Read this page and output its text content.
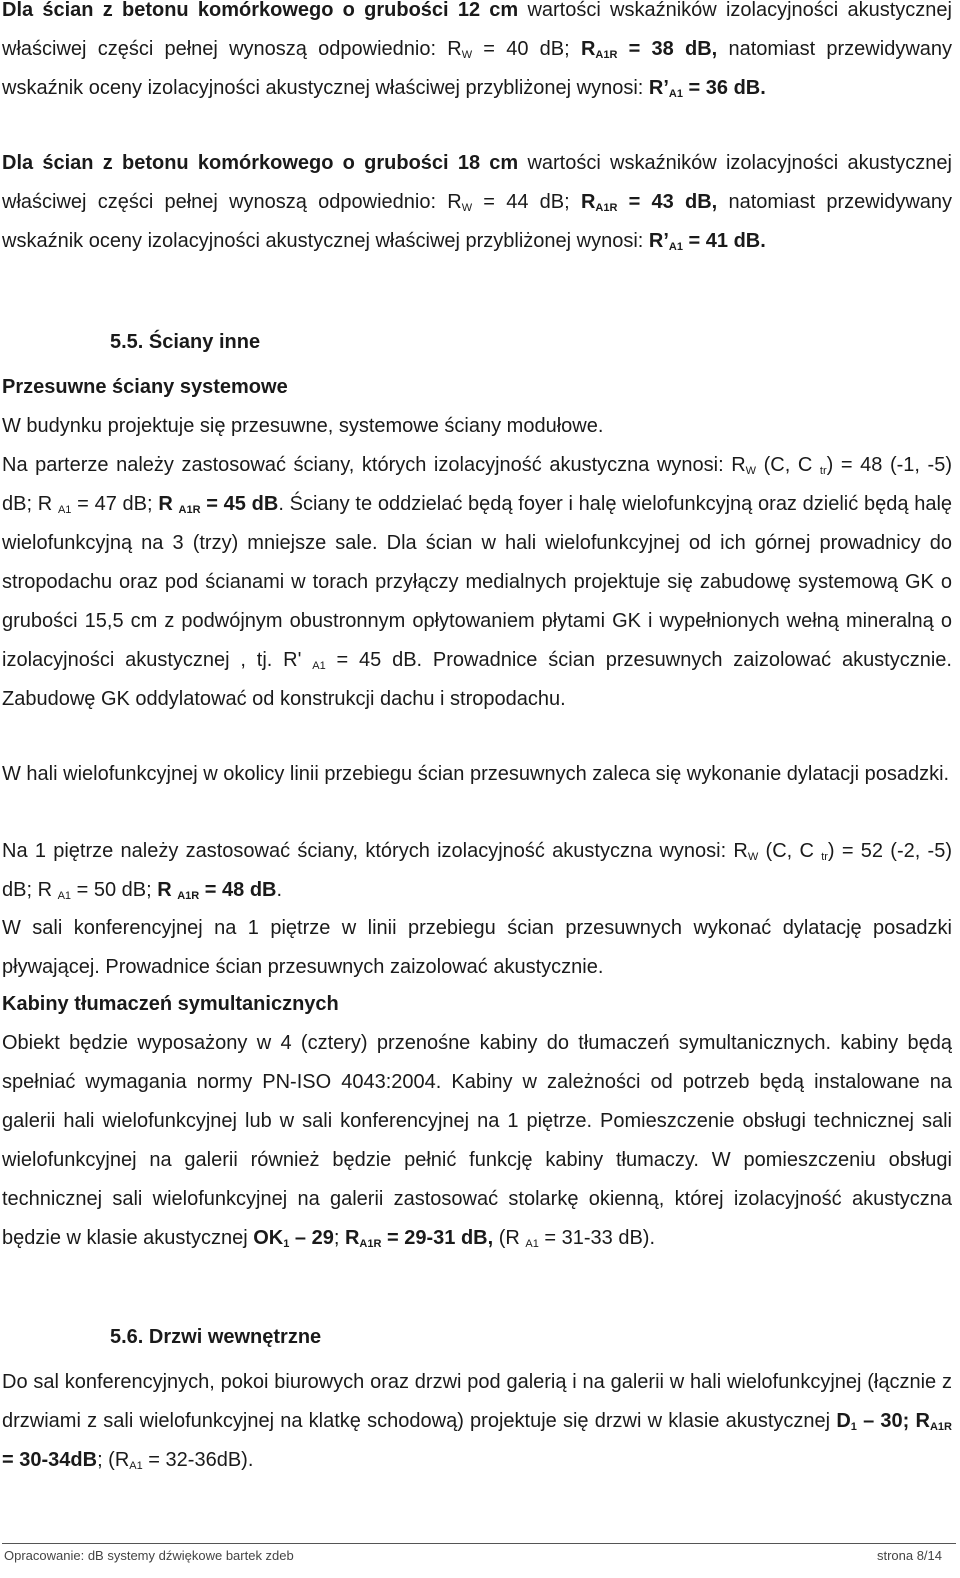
Dla ścian z betonu komórkowego o grubości 12 cm wartości wskaźników izolacyjności akustycznej właściwej części pełnej wynoszą odpowiednio: $R_W = 40$ dB; $R_{A1R} = 38$ dB, natomiast przewidywany wskaźnik oceny izolacyjności akustycznej właściwej przybliżonej wynosi: $R’_{A1} = 36$ dB.

Dla ścian z betonu komórkowego o grubości 18 cm wartości wskaźników izolacyjności akustycznej właściwej części pełnej wynoszą odpowiednio: $R_W = 44$ dB; $R_{A1R} = 43$ dB, natomiast przewidywany wskaźnik oceny izolacyjności akustycznej właściwej przybliżonej wynosi: $R’_{A1} = 41$ dB.

5.5. Ściany inne
Przesuwne ściany systemowe

W budynku projektuje się przesuwne, systemowe ściany modułowe.

Na parterze należy zastosować ściany, których izolacyjność akustyczna wynosi: $R_W$ (C, C $_{tr}$) = 48 (-1, -5) dB; R $_{A1}$ = 47 dB; R $_{A1R}$ = 45 dB. Ściany te oddzielać będą foyer i halę wielofunkcyjną oraz dzielić będą halę wielofunkcyjną na 3 (trzy) mniejsze sale. Dla ścian w hali wielofunkcyjnej od ich górnej prowadnicy do stropodachu oraz pod ścianami w torach przyłączy medialnych projektuje się zabudowę systemową GK o grubości 15,5 cm z podwójnym obustronnym opłytowaniem płytami GK i wypełnionych wełną mineralną o izolacyjności akustycznej , tj. R' $_{A1}$ = 45 dB. Prowadnice ścian przesuwnych zaizolować akustycznie. Zabudowę GK oddylatować od konstrukcji dachu i stropodachu.

W hali wielofunkcyjnej w okolicy linii przebiegu ścian przesuwnych zaleca się wykonanie dylatacji posadzki.

Na 1 piętrze należy zastosować ściany, których izolacyjność akustyczna wynosi: $R_W$ (C, C $_{tr}$) = 52 (-2, -5) dB; R $_{A1}$ = 50 dB; R $_{A1R}$ = 48 dB.

W sali konferencyjnej na 1 piętrze w linii przebiegu ścian przesuwnych wykonać dylatację posadzki pływającej. Prowadnice ścian przesuwnych zaizolować akustycznie.

Kabiny tłumaczeń symultanicznych

Obiekt będzie wyposażony w 4 (cztery) przenośne kabiny do tłumaczeń symultanicznych. kabiny będą spełniać wymagania normy PN-ISO 4043:2004. Kabiny w zależności od potrzeb będą instalowane na galerii hali wielofunkcyjnej lub w sali konferencyjnej na 1 piętrze. Pomieszczenie obsługi technicznej sali wielofunkcyjnej na galerii również będzie pełnić funkcję kabiny tłumaczy. W pomieszczeniu obsługi technicznej sali wielofunkcyjnej na galerii zastosować stolarkę okienną, której izolacyjność akustyczna będzie w klasie akustycznej $OK_1 - 29$; $R_{A1R} = 29-31$ dB, (R $_{A1}$ = 31-33 dB).

5.6. Drzwi wewnętrzne

Do sal konferencyjnych, pokoi biurowych oraz drzwi pod galerią i na galerii w hali wielofunkcyjnej (łącznie z drzwiami z sali wielofunkcyjnej na klatkę schodową) projektuje się drzwi w klasie akustycznej $D_1 - 30$; $R_{A1R} = 30-34dB$; $(R_{A1} = 32-36dB)$.

Opracowanie: dB systemy dźwiękowe bartek zdeb	strona 8/14
